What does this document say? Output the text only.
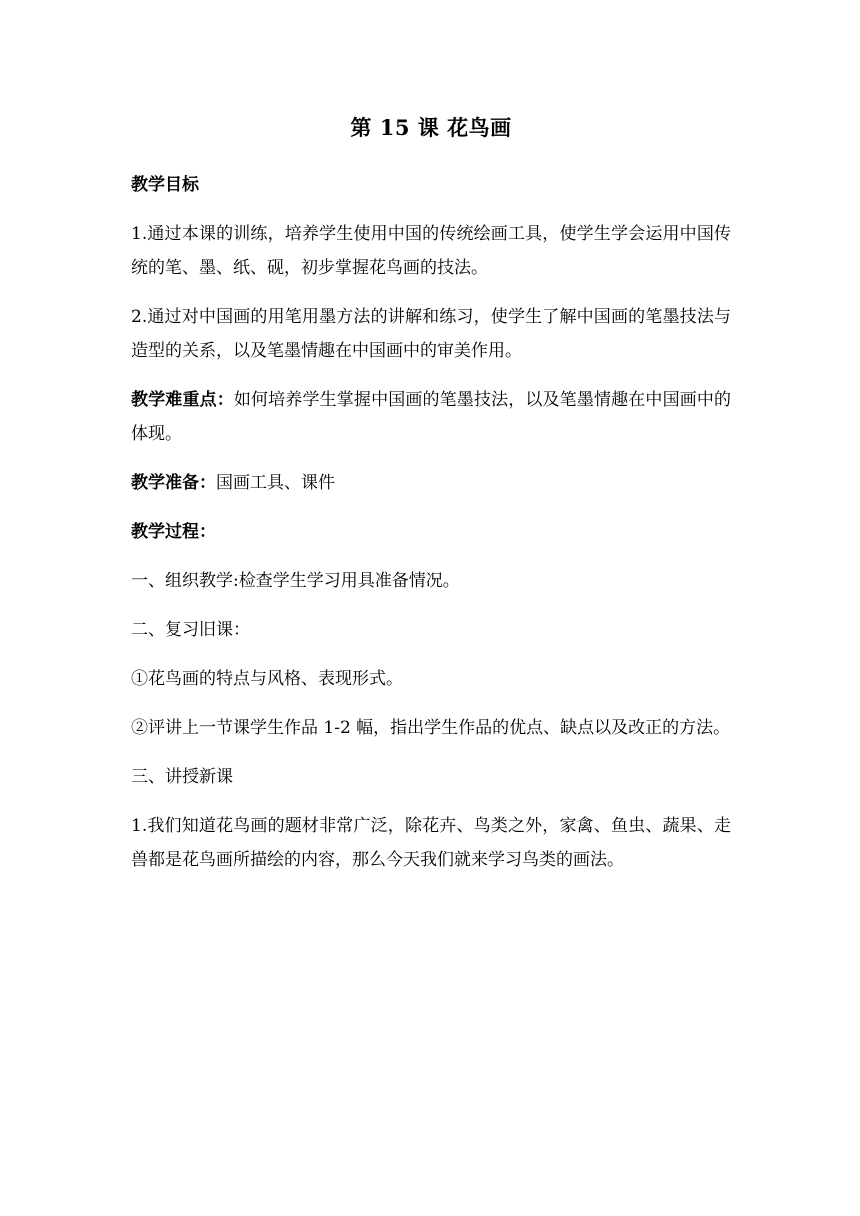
第 15 课 花鸟画

教学目标

1.通过本课的训练，培养学生使用中国的传统绘画工具，使学生学会运用中国传统的笔、墨、纸、砚，初步掌握花鸟画的技法。

2.通过对中国画的用笔用墨方法的讲解和练习，使学生了解中国画的笔墨技法与造型的关系，以及笔墨情趣在中国画中的审美作用。

教学难重点：如何培养学生掌握中国画的笔墨技法，以及笔墨情趣在中国画中的体现。

教学准备：国画工具、课件

教学过程：

一、组织教学:检查学生学习用具准备情况。

二、复习旧课：

①花鸟画的特点与风格、表现形式。

②评讲上一节课学生作品 1-2 幅，指出学生作品的优点、缺点以及改正的方法。

三、讲授新课

1.我们知道花鸟画的题材非常广泛，除花卉、鸟类之外，家禽、鱼虫、蔬果、走兽都是花鸟画所描绘的内容，那么今天我们就来学习鸟类的画法。
